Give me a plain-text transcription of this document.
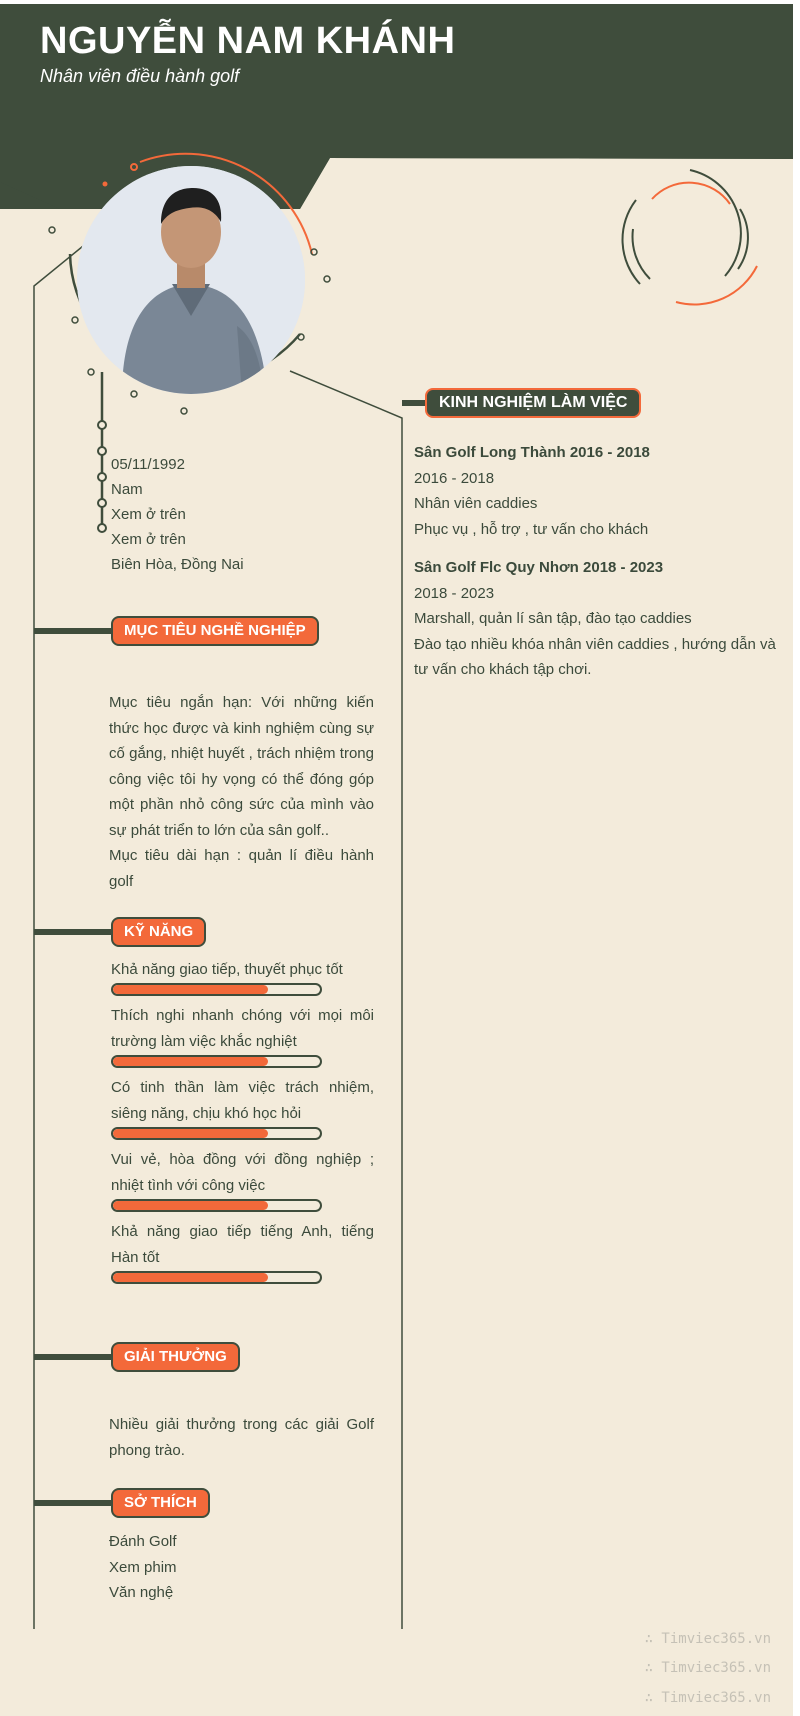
NGUYỄN NAM KHÁNH
Nhân viên điều hành golf
05/11/1992
Nam
Xem ở trên
Xem ở trên
Biên Hòa, Đồng Nai
MỤC TIÊU NGHỀ NGHIỆP
Mục tiêu ngắn hạn: Với những kiến thức học được và kinh nghiệm cùng sự cố gắng, nhiệt huyết , trách nhiệm trong công việc tôi hy vọng có thể đóng góp một phần nhỏ công sức của mình vào sự phát triển to lớn của sân golf..
Mục tiêu dài hạn : quản lí điều hành golf
KỸ NĂNG
Khả năng giao tiếp, thuyết phục tốt
Thích nghi nhanh chóng với mọi môi trường làm việc khắc nghiệt
Có tinh thần làm việc trách nhiệm, siêng năng, chịu khó học hỏi
Vui vẻ, hòa đồng với đồng nghiệp ; nhiệt tình với công việc
Khả năng giao tiếp tiếng Anh, tiếng Hàn tốt
GIẢI THƯỞNG
Nhiều giải thưởng trong các giải Golf phong trào.
SỞ THÍCH
Đánh Golf
Xem phim
Văn nghệ
KINH NGHIỆM LÀM VIỆC
Sân Golf Long Thành 2016 - 2018
2016 - 2018
Nhân viên caddies
Phục vụ , hỗ trợ , tư vấn cho khách
Sân Golf Flc Quy Nhơn 2018 - 2023
2018 - 2023
Marshall, quản lí sân tập, đào tạo caddies
Đào tạo nhiều khóa nhân viên caddies , hướng dẫn và tư vấn cho khách tập chơi.
∴ Timviec365.vn
∴ Timviec365.vn
∴ Timviec365.vn
